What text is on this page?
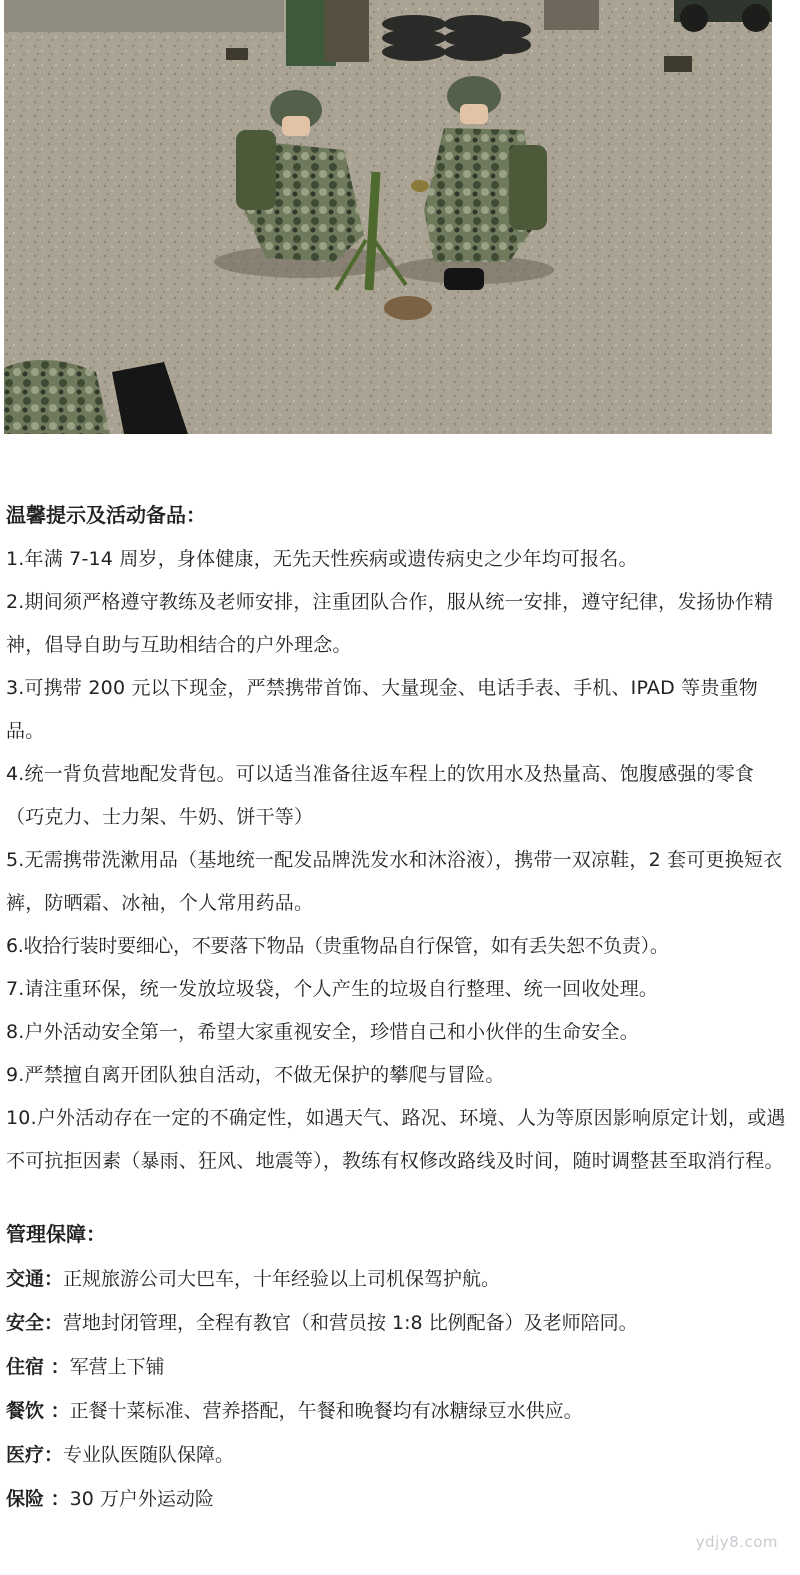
温馨提示及活动备品：

1.年满 7-14 周岁，身体健康，无先天性疾病或遗传病史之少年均可报名。

2.期间须严格遵守教练及老师安排，注重团队合作，服从统一安排，遵守纪律，发扬协作精神，倡导自助与互助相结合的户外理念。

3.可携带 200 元以下现金，严禁携带首饰、大量现金、电话手表、手机、IPAD 等贵重物品。

4.统一背负营地配发背包。可以适当准备往返车程上的饮用水及热量高、饱腹感强的零食（巧克力、士力架、牛奶、饼干等）

5.无需携带洗漱用品（基地统一配发品牌洗发水和沐浴液），携带一双凉鞋，2 套可更换短衣裤，防晒霜、冰袖，个人常用药品。

6.收拾行装时要细心，不要落下物品（贵重物品自行保管，如有丢失恕不负责）。

7.请注重环保，统一发放垃圾袋，个人产生的垃圾自行整理、统一回收处理。

8.户外活动安全第一，希望大家重视安全，珍惜自己和小伙伴的生命安全。

9.严禁擅自离开团队独自活动，不做无保护的攀爬与冒险。

10.户外活动存在一定的不确定性，如遇天气、路况、环境、人为等原因影响原定计划，或遇不可抗拒因素（暴雨、狂风、地震等），教练有权修改路线及时间，随时调整甚至取消行程。

管理保障：
交通：正规旅游公司大巴车，十年经验以上司机保驾护航。
安全：营地封闭管理，全程有教官（和营员按 1:8 比例配备）及老师陪同。
住宿 ：军营上下铺
餐饮 ：正餐十菜标准、营养搭配，午餐和晚餐均有冰糖绿豆水供应。
医疗：专业队医随队保障。
保险 ：30 万户外运动险
ydjy8.com
